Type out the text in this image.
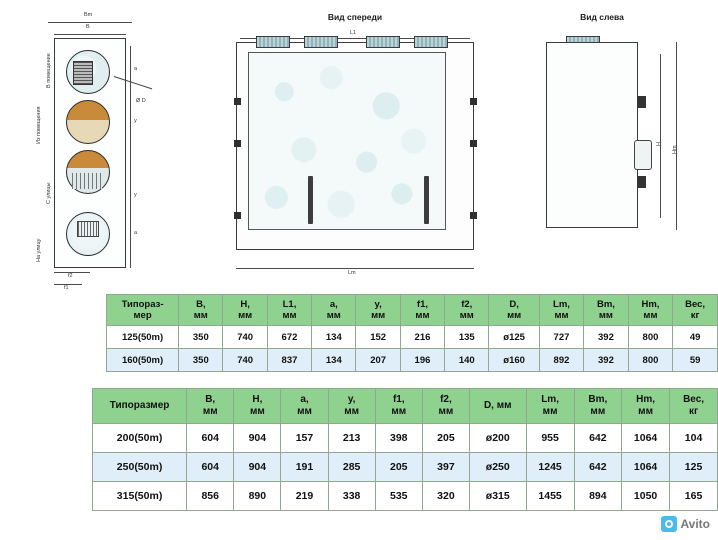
Bm
B
Ø D
В помещение
Из помещения
С улицы
На улицу
a
y
y
a
f2
f1
Вид спереди
L1
Lm
Вид слева
H
Hm
Типораз-
мер

B,
мм

H,
мм

L1,
мм

a,
мм

y,
мм

f1,
мм

f2,
мм

D,
мм

Lm,
мм

Bm,
мм

Hm,
мм

Вес,
кг

125(50m)	350	740	672	134	152	216	135	ø125	727	392	800	49
160(50m)	350	740	837	134	207	196	140	ø160	892	392	800	59
Типоразмер

B,
мм

H,
мм

a,
мм

y,
мм

f1,
мм

f2,
мм

D, мм

Lm,
мм

Bm,
мм

Hm,
мм

Вес,
кг

200(50m)	604	904	157	213	398	205	ø200	955	642	1064	104
250(50m)	604	904	191	285	205	397	ø250	1245	642	1064	125
315(50m)	856	890	219	338	535	320	ø315	1455	894	1050	165
Avito
